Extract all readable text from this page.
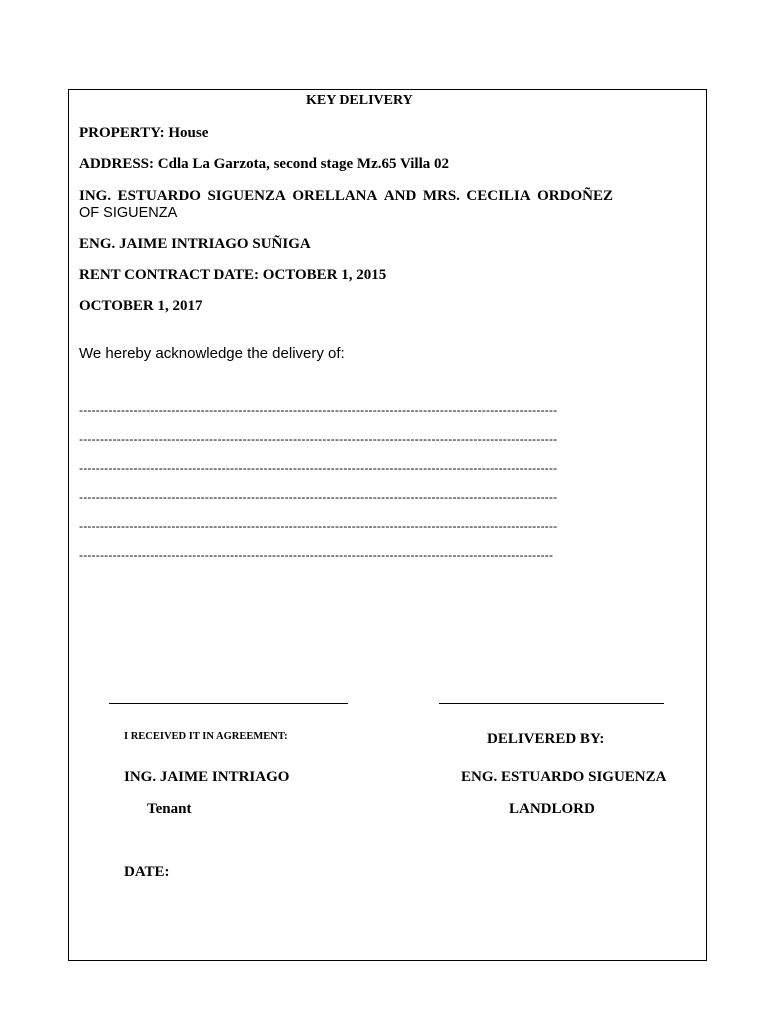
KEY DELIVERY
PROPERTY: House
ADDRESS: Cdla La Garzota, second stage Mz.65 Villa 02
ING. ESTUARDO SIGUENZA ORELLANA AND MRS. CECILIA ORDOÑEZ
OF SIGUENZA
ENG. JAIME INTRIAGO SUÑIGA
RENT CONTRACT DATE: OCTOBER 1, 2015
OCTOBER 1, 2017
We hereby acknowledge the delivery of:
------------------------------------------------------------------------------------------------------------------
------------------------------------------------------------------------------------------------------------------
------------------------------------------------------------------------------------------------------------------
------------------------------------------------------------------------------------------------------------------
------------------------------------------------------------------------------------------------------------------
-----------------------------------------------------------------------------------------------------------------
I RECEIVED IT IN AGREEMENT:	DELIVERED BY:
ING. JAIME INTRIAGO	ENG. ESTUARDO SIGUENZA
Tenant	LANDLORD
DATE:
